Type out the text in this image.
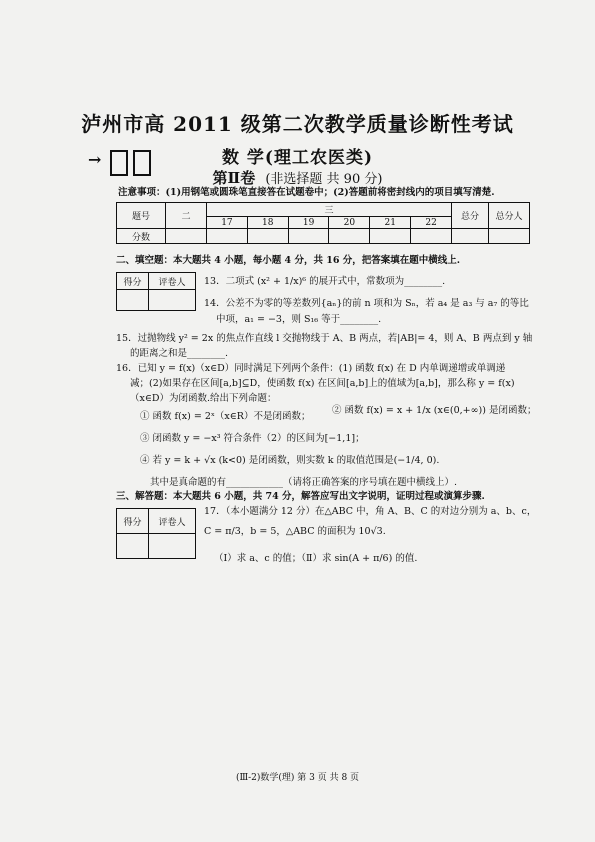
泸州市高 2011 级第二次教学质量诊断性考试
→	数 学(理工农医类)
第Ⅱ卷 (非选择题 共 90 分)
注意事项：(1)用钢笔或圆珠笔直接答在试题卷中；(2)答题前将密封线内的项目填写清楚.
题号	二	三						总分	总分人
		17	18	19	20	21	22		
分数									
二、填空题：本大题共 4 小题，每小题 4 分，共 16 分，把答案填在题中横线上.
得分	评卷人
	13．二项式 (x² + 1/x)⁶ 的展开式中，常数项为________.
14．公差不为零的等差数列{aₙ}的前 n 项和为 Sₙ，若 a₄ 是 a₃ 与 a₇ 的等比
中项，a₁ = −3，则 S₁₆ 等于________.
15．过抛物线 y² = 2x 的焦点作直线 l 交抛物线于 A、B 两点，若|AB|= 4，则 A、B 两点到 y 轴
的距离之和是________.
16．已知 y = f(x)（x∈D）同时满足下列两个条件：(1) 函数 f(x) 在 D 内单调递增或单调递
减；(2)如果存在区间[a,b]⊆D，使函数 f(x) 在区间[a,b]上的值域为[a,b]，那么称 y = f(x)
（x∈D）为闭函数.给出下列命题：
① 函数 f(x) = 2ˣ（x∈R）不是闭函数；
② 函数 f(x) = x + 1/x (x∈(0,+∞)) 是闭函数；
③ 闭函数 y = −x³ 符合条件（2）的区间为[−1,1]；
④ 若 y = k + √x (k<0) 是闭函数，则实数 k 的取值范围是(−1/4, 0).
其中是真命题的有____________（请将正确答案的序号填在题中横线上）.
三、解答题：本大题共 6 小题，共 74 分，解答应写出文字说明，证明过程或演算步骤.
得分	评卷人

17．（本小题满分 12 分）在△ABC 中，角 A、B、C 的对边分别为 a、b、c，
C = π/3，b = 5，△ABC 的面积为 10√3.
（Ⅰ）求 a、c 的值；（Ⅱ）求 sin(A + π/6) 的值.
(Ⅲ-2)数学(理) 第 3 页 共 8 页
